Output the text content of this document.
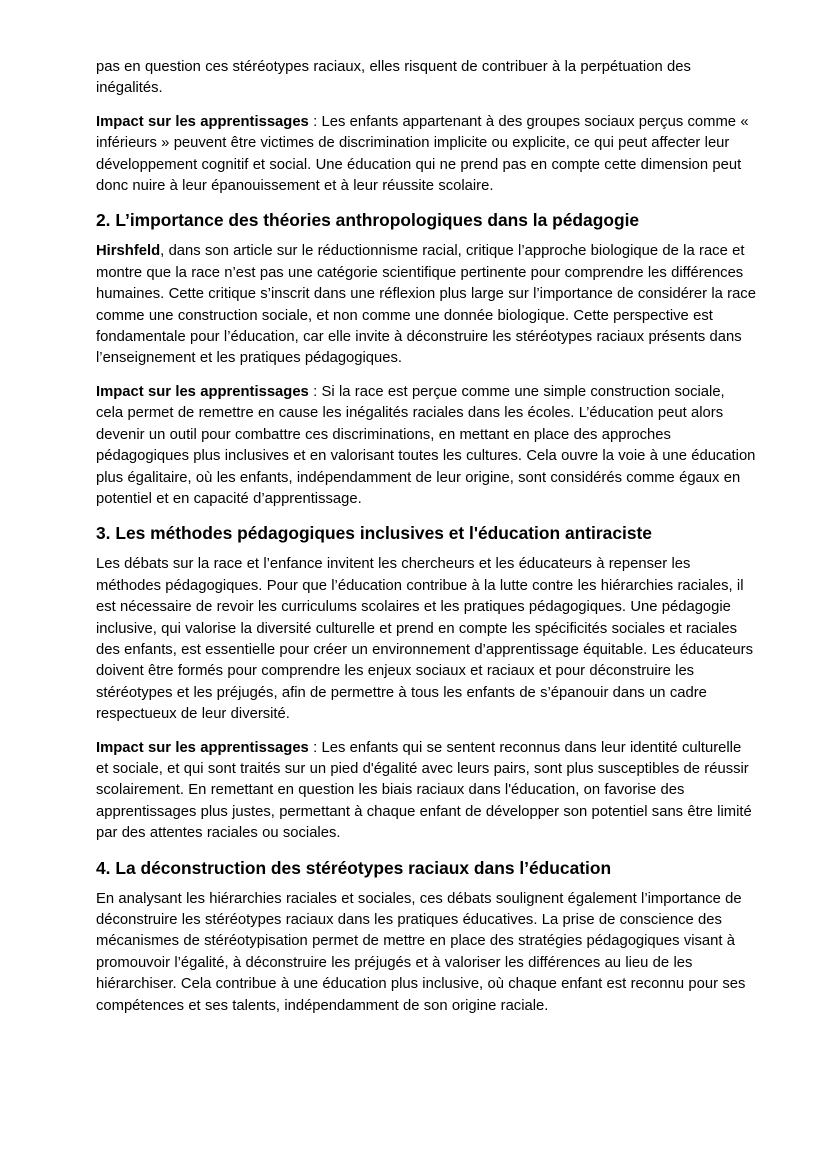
pas en question ces stéréotypes raciaux, elles risquent de contribuer à la perpétuation des inégalités.

Impact sur les apprentissages : Les enfants appartenant à des groupes sociaux perçus comme « inférieurs » peuvent être victimes de discrimination implicite ou explicite, ce qui peut affecter leur développement cognitif et social. Une éducation qui ne prend pas en compte cette dimension peut donc nuire à leur épanouissement et à leur réussite scolaire.

2. L’importance des théories anthropologiques dans la pédagogie

Hirshfeld, dans son article sur le réductionnisme racial, critique l’approche biologique de la race et montre que la race n’est pas une catégorie scientifique pertinente pour comprendre les différences humaines. Cette critique s’inscrit dans une réflexion plus large sur l’importance de considérer la race comme une construction sociale, et non comme une donnée biologique. Cette perspective est fondamentale pour l’éducation, car elle invite à déconstruire les stéréotypes raciaux présents dans l’enseignement et les pratiques pédagogiques.

Impact sur les apprentissages : Si la race est perçue comme une simple construction sociale, cela permet de remettre en cause les inégalités raciales dans les écoles. L’éducation peut alors devenir un outil pour combattre ces discriminations, en mettant en place des approches pédagogiques plus inclusives et en valorisant toutes les cultures. Cela ouvre la voie à une éducation plus égalitaire, où les enfants, indépendamment de leur origine, sont considérés comme égaux en potentiel et en capacité d’apprentissage.

3. Les méthodes pédagogiques inclusives et l'éducation antiraciste

Les débats sur la race et l’enfance invitent les chercheurs et les éducateurs à repenser les méthodes pédagogiques. Pour que l’éducation contribue à la lutte contre les hiérarchies raciales, il est nécessaire de revoir les curriculums scolaires et les pratiques pédagogiques. Une pédagogie inclusive, qui valorise la diversité culturelle et prend en compte les spécificités sociales et raciales des enfants, est essentielle pour créer un environnement d’apprentissage équitable. Les éducateurs doivent être formés pour comprendre les enjeux sociaux et raciaux et pour déconstruire les stéréotypes et les préjugés, afin de permettre à tous les enfants de s’épanouir dans un cadre respectueux de leur diversité.

Impact sur les apprentissages : Les enfants qui se sentent reconnus dans leur identité culturelle et sociale, et qui sont traités sur un pied d'égalité avec leurs pairs, sont plus susceptibles de réussir scolairement. En remettant en question les biais raciaux dans l'éducation, on favorise des apprentissages plus justes, permettant à chaque enfant de développer son potentiel sans être limité par des attentes raciales ou sociales.

4. La déconstruction des stéréotypes raciaux dans l’éducation

En analysant les hiérarchies raciales et sociales, ces débats soulignent également l’importance de déconstruire les stéréotypes raciaux dans les pratiques éducatives. La prise de conscience des mécanismes de stéréotypisation permet de mettre en place des stratégies pédagogiques visant à promouvoir l’égalité, à déconstruire les préjugés et à valoriser les différences au lieu de les hiérarchiser. Cela contribue à une éducation plus inclusive, où chaque enfant est reconnu pour ses compétences et ses talents, indépendamment de son origine raciale.
